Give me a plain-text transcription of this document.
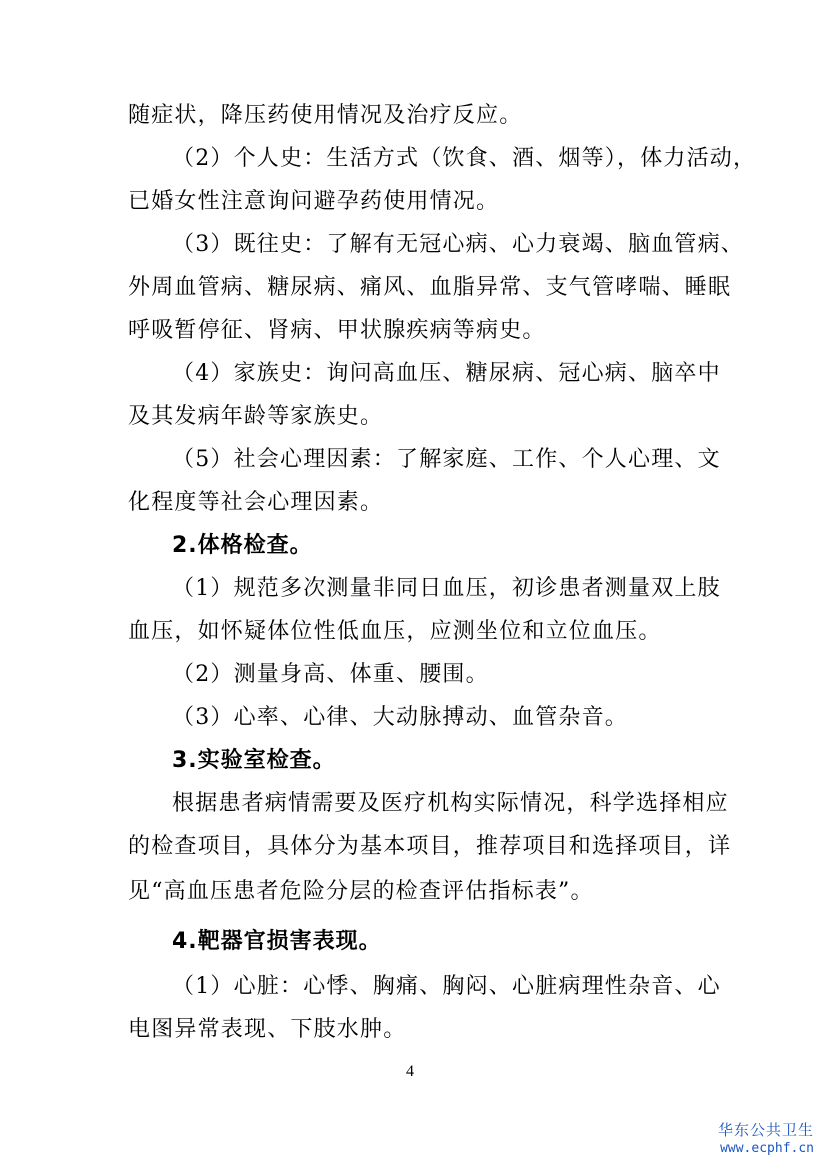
随症状，降压药使用情况及治疗反应。
（2）个人史：生活方式（饮食、酒、烟等），体力活动，
已婚女性注意询问避孕药使用情况。
（3）既往史：了解有无冠心病、心力衰竭、脑血管病、
外周血管病、糖尿病、痛风、血脂异常、支气管哮喘、睡眠
呼吸暂停征、肾病、甲状腺疾病等病史。
（4）家族史：询问高血压、糖尿病、冠心病、脑卒中
及其发病年龄等家族史。
（5）社会心理因素：了解家庭、工作、个人心理、文
化程度等社会心理因素。
2.体格检查。
（1）规范多次测量非同日血压，初诊患者测量双上肢
血压，如怀疑体位性低血压，应测坐位和立位血压。
（2）测量身高、体重、腰围。
（3）心率、心律、大动脉搏动、血管杂音。
3.实验室检查。
根据患者病情需要及医疗机构实际情况，科学选择相应
的检查项目，具体分为基本项目，推荐项目和选择项目，详
见“高血压患者危险分层的检查评估指标表”。
4.靶器官损害表现。
（1）心脏：心悸、胸痛、胸闷、心脏病理性杂音、心
电图异常表现、下肢水肿。
4
华东公共卫生
www.ecphf.cn
